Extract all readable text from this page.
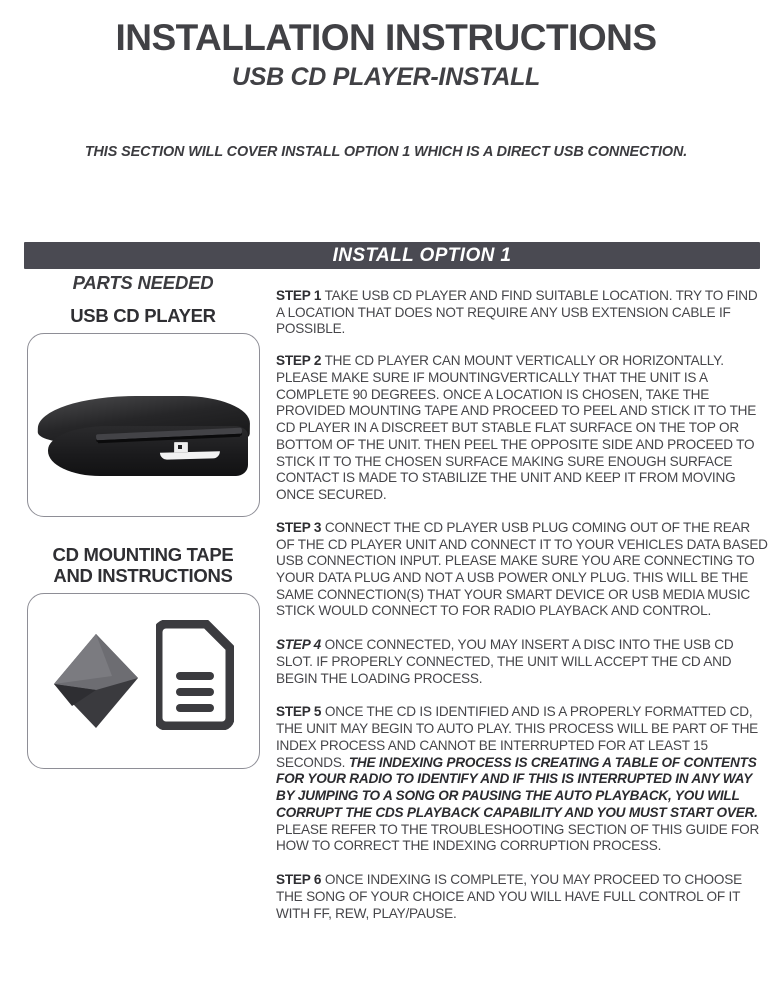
INSTALLATION INSTRUCTIONS
USB CD PLAYER-INSTALL
THIS SECTION WILL COVER INSTALL OPTION 1 WHICH IS A DIRECT USB CONNECTION.
INSTALL OPTION 1
PARTS NEEDED
USB CD PLAYER
CD MOUNTING TAPE
AND INSTRUCTIONS

STEP 1 TAKE USB CD PLAYER AND FIND SUITABLE LOCATION. TRY TO FIND A LOCATION THAT DOES NOT REQUIRE ANY USB EXTENSION CABLE IF POSSIBLE.

STEP 2 THE CD PLAYER CAN MOUNT VERTICALLY OR HORIZONTALLY. PLEASE MAKE SURE IF MOUNTINGVERTICALLY THAT THE UNIT IS A COMPLETE 90 DEGREES. ONCE A LOCATION IS CHOSEN, TAKE THE PROVIDED MOUNTING TAPE AND PROCEED TO PEEL AND STICK IT TO THE CD PLAYER IN A DISCREET BUT STABLE FLAT SURFACE ON THE TOP OR BOTTOM OF THE UNIT. THEN PEEL THE OPPOSITE SIDE AND PROCEED TO STICK IT TO THE CHOSEN SURFACE MAKING SURE ENOUGH SURFACE CONTACT IS MADE TO STABILIZE THE UNIT AND KEEP IT FROM MOVING ONCE SECURED.

STEP 3 CONNECT THE CD PLAYER USB PLUG COMING OUT OF THE REAR OF THE CD PLAYER UNIT AND CONNECT IT TO YOUR VEHICLES DATA BASED USB CONNECTION INPUT. PLEASE MAKE SURE YOU ARE CONNECTING TO YOUR DATA PLUG AND NOT A USB POWER ONLY PLUG. THIS WILL BE THE SAME CONNECTION(S) THAT YOUR SMART DEVICE OR USB MEDIA MUSIC STICK WOULD CONNECT TO FOR RADIO PLAYBACK AND CONTROL.

STEP 4 ONCE CONNECTED, YOU MAY INSERT A DISC INTO THE USB CD SLOT. IF PROPERLY CONNECTED, THE UNIT WILL ACCEPT THE CD AND BEGIN THE LOADING PROCESS.

STEP 5 ONCE THE CD IS IDENTIFIED AND IS A PROPERLY FORMATTED CD, THE UNIT MAY BEGIN TO AUTO PLAY. THIS PROCESS WILL BE PART OF THE INDEX PROCESS AND CANNOT BE INTERRUPTED FOR AT LEAST 15 SECONDS. THE INDEXING PROCESS IS CREATING A TABLE OF CONTENTS FOR YOUR RADIO TO IDENTIFY AND IF THIS IS INTERRUPTED IN ANY WAY BY JUMPING TO A SONG OR PAUSING THE AUTO PLAYBACK, YOU WILL CORRUPT THE CDS PLAYBACK CAPABILITY AND YOU MUST START OVER. PLEASE REFER TO THE TROUBLESHOOTING SECTION OF THIS GUIDE FOR HOW TO CORRECT THE INDEXING CORRUPTION PROCESS.

STEP 6 ONCE INDEXING IS COMPLETE, YOU MAY PROCEED TO CHOOSE THE SONG OF YOUR CHOICE AND YOU WILL HAVE FULL CONTROL OF IT WITH FF, REW, PLAY/PAUSE.
